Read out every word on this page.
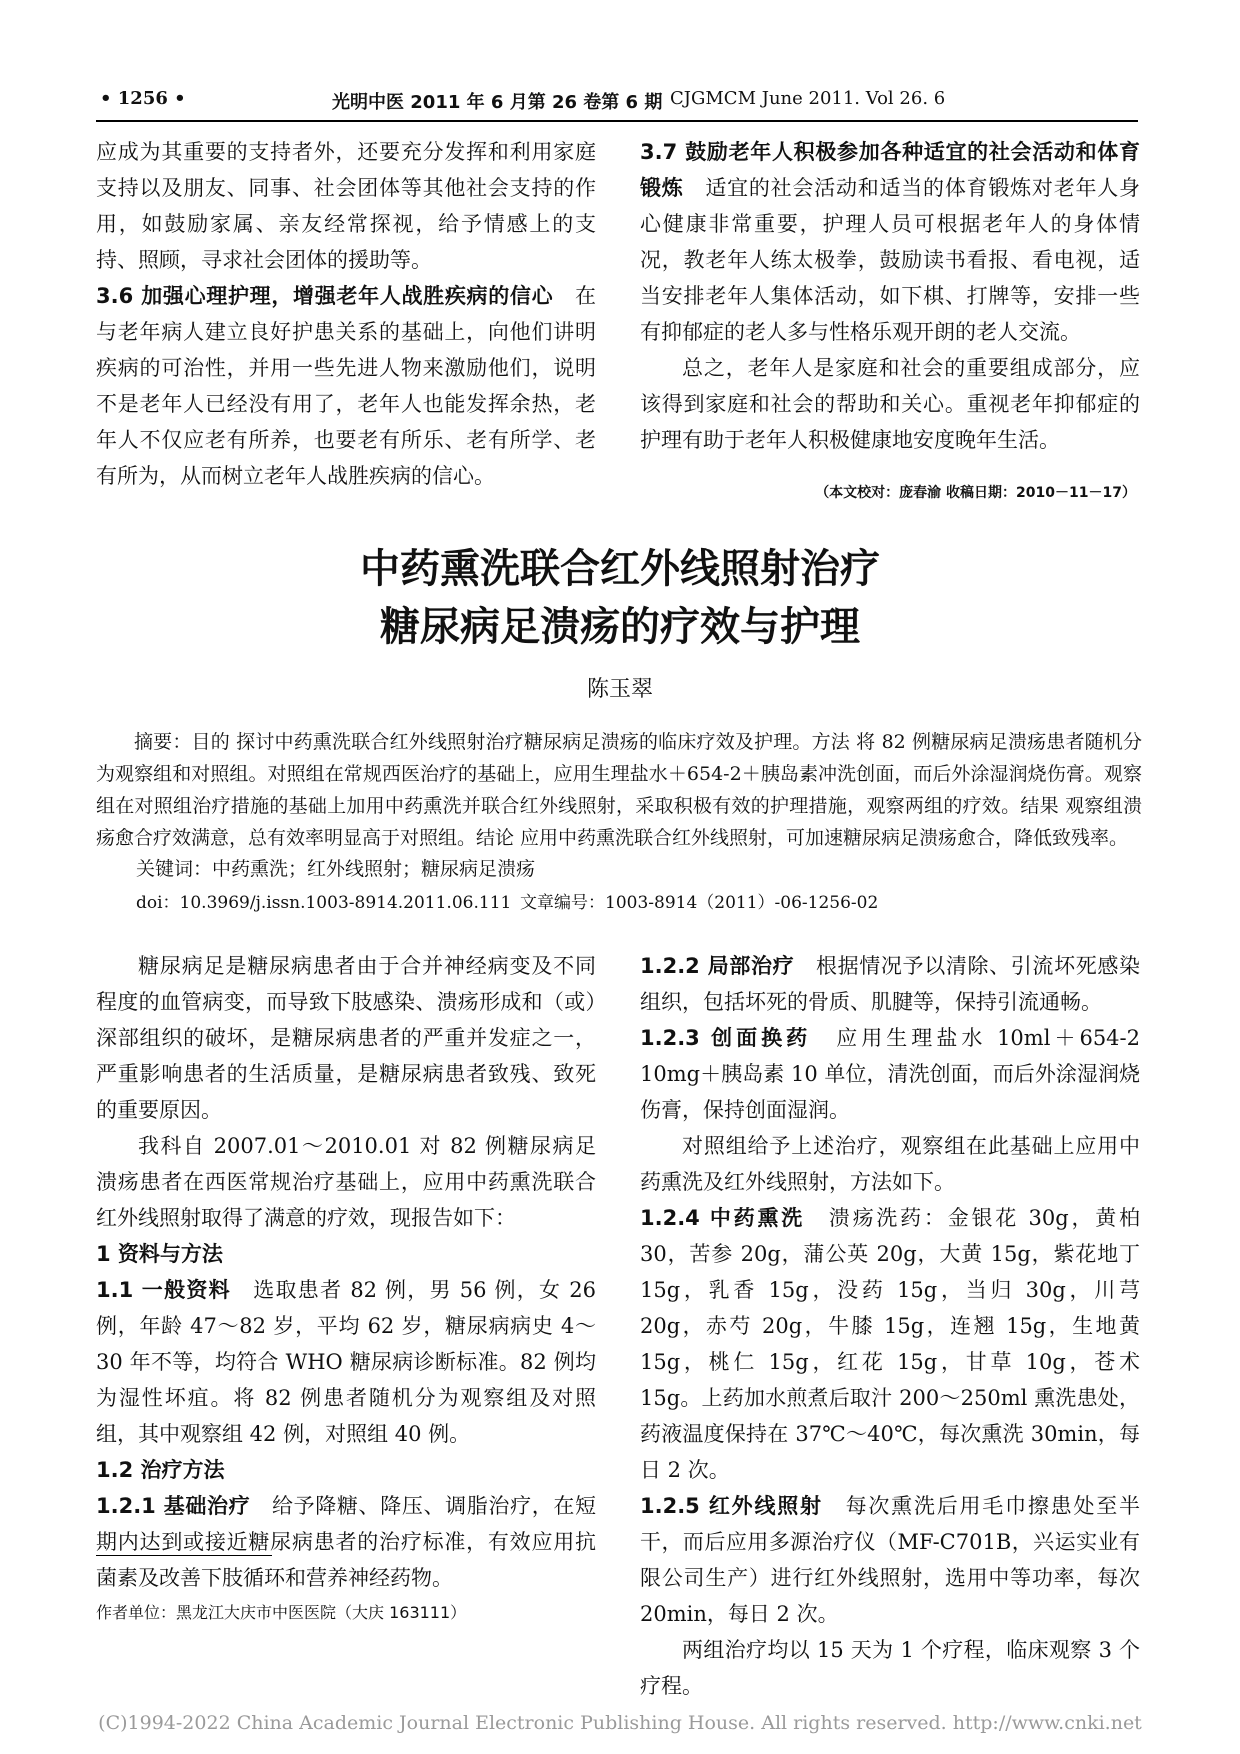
• 1256 •	光明中医 2011 年 6 月第 26 卷第 6 期 CJGMCM June 2011. Vol 26. 6

应成为其重要的支持者外，还要充分发挥和利用家庭支持以及朋友、同事、社会团体等其他社会支持的作用，如鼓励家属、亲友经常探视，给予情感上的支持、照顾，寻求社会团体的援助等。

3.6 加强心理护理，增强老年人战胜疾病的信心　 在与老年病人建立良好护患关系的基础上，向他们讲明疾病的可治性，并用一些先进人物来激励他们，说明不是老年人已经没有用了，老年人也能发挥余热，老年人不仅应老有所养，也要老有所乐、老有所学、老有所为，从而树立老年人战胜疾病的信心。

3.7 鼓励老年人积极参加各种适宜的社会活动和体育锻炼　 适宜的社会活动和适当的体育锻炼对老年人身心健康非常重要，护理人员可根据老年人的身体情况，教老年人练太极拳，鼓励读书看报、看电视，适当安排老年人集体活动，如下棋、打牌等，安排一些有抑郁症的老人多与性格乐观开朗的老人交流。

总之，老年人是家庭和社会的重要组成部分，应该得到家庭和社会的帮助和关心。重视老年抑郁症的护理有助于老年人积极健康地安度晚年生活。

（本文校对：庞春渝 收稿日期：2010－11－17）
中药熏洗联合红外线照射治疗
糖尿病足溃疡的疗效与护理
陈玉翠

摘要：目的 探讨中药熏洗联合红外线照射治疗糖尿病足溃疡的临床疗效及护理。方法 将 82 例糖尿病足溃疡患者随机分为观察组和对照组。对照组在常规西医治疗的基础上，应用生理盐水＋654-2＋胰岛素冲洗创面，而后外涂湿润烧伤膏。观察组在对照组治疗措施的基础上加用中药熏洗并联合红外线照射，采取积极有效的护理措施，观察两组的疗效。结果 观察组溃疡愈合疗效满意，总有效率明显高于对照组。结论 应用中药熏洗联合红外线照射，可加速糖尿病足溃疡愈合，降低致残率。

关键词：中药熏洗；红外线照射；糖尿病足溃疡
doi：10.3969/j.issn.1003-8914.2011.06.111 文章编号：1003-8914（2011）-06-1256-02

糖尿病足是糖尿病患者由于合并神经病变及不同程度的血管病变，而导致下肢感染、溃疡形成和（或）深部组织的破坏，是糖尿病患者的严重并发症之一，严重影响患者的生活质量，是糖尿病患者致残、致死的重要原因。

我科自 2007.01～2010.01 对 82 例糖尿病足溃疡患者在西医常规治疗基础上，应用中药熏洗联合红外线照射取得了满意的疗效，现报告如下：

1 资料与方法

1.1 一般资料　 选取患者 82 例，男 56 例，女 26 例，年龄 47～82 岁，平均 62 岁，糖尿病病史 4～30 年不等，均符合 WHO 糖尿病诊断标准。82 例均为湿性坏疽。将 82 例患者随机分为观察组及对照组，其中观察组 42 例，对照组 40 例。

1.2 治疗方法

1.2.1 基础治疗　 给予降糖、降压、调脂治疗，在短期内达到或接近糖尿病患者的治疗标准，有效应用抗菌素及改善下肢循环和营养神经药物。

1.2.2 局部治疗　 根据情况予以清除、引流坏死感染组织，包括坏死的骨质、肌腱等，保持引流通畅。

1.2.3 创面换药　 应用生理盐水 10ml＋654-2 10mg＋胰岛素 10 单位，清洗创面，而后外涂湿润烧伤膏，保持创面湿润。

对照组给予上述治疗，观察组在此基础上应用中药熏洗及红外线照射，方法如下。

1.2.4 中药熏洗　 溃疡洗药：金银花 30g，黄柏 30，苦参 20g，蒲公英 20g，大黄 15g，紫花地丁 15g，乳香 15g，没药 15g，当归 30g，川芎 20g，赤芍 20g，牛膝 15g，连翘 15g，生地黄 15g，桃仁 15g，红花 15g，甘草 10g，苍术 15g。上药加水煎煮后取汁 200～250ml 熏洗患处，药液温度保持在 37℃～40℃，每次熏洗 30min，每日 2 次。

1.2.5 红外线照射　 每次熏洗后用毛巾擦患处至半干，而后应用多源治疗仪（MF-C701B，兴运实业有限公司生产）进行红外线照射，选用中等功率，每次 20min，每日 2 次。

两组治疗均以 15 天为 1 个疗程，临床观察 3 个疗程。

作者单位：黑龙江大庆市中医医院（大庆 163111）
(C)1994-2022 China Academic Journal Electronic Publishing House. All rights reserved. http://www.cnki.net
